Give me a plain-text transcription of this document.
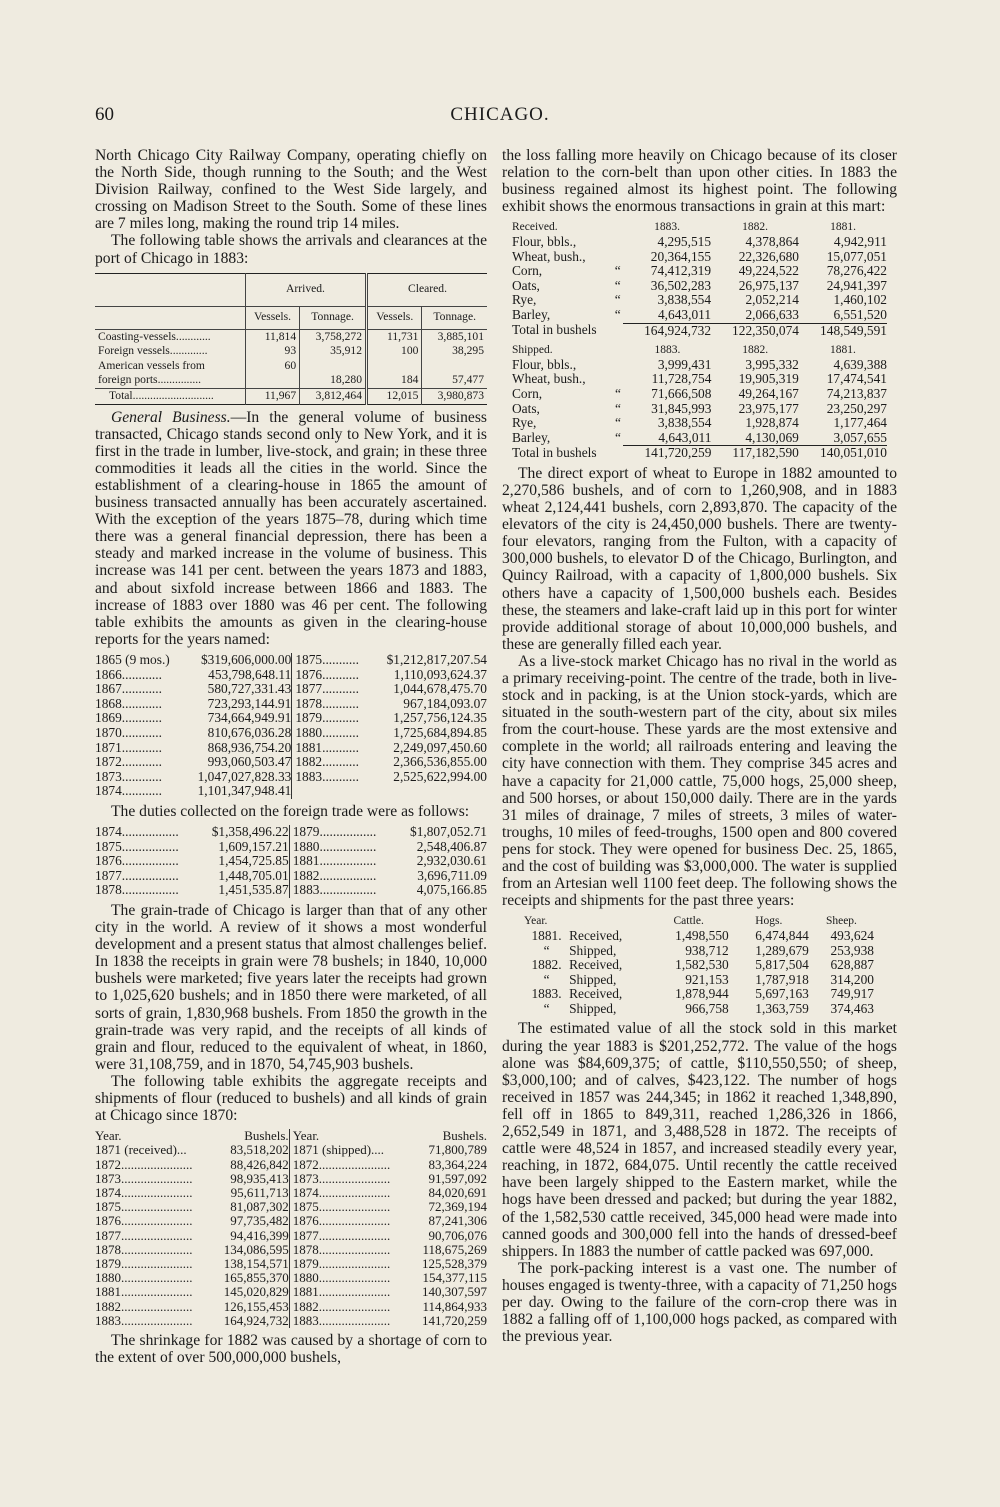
60	CHICAGO.

North Chicago City Railway Company, operating chiefly on the North Side, though running to the South; and the West Division Railway, confined to the West Side largely, and crossing on Madison Street to the South. Some of these lines are 7 miles long, making the round trip 14 miles.

The following table shows the arrivals and clearances at the port of Chicago in 1883:

	Arrived.		Cleared.	
	Vessels.	Tonnage.	Vessels.	Tonnage.
Coasting-vessels............	11,814	3,758,272	11,731	3,885,101
Foreign vessels.............	93	35,912	100	38,295
American vessels from	60			
foreign ports...............		18,280	184	57,477
Total............................	11,967	3,812,464	12,015	3,980,873

General Business.—In the general volume of business transacted, Chicago stands second only to New York, and it is first in the trade in lumber, live-stock, and grain; in these three commodities it leads all the cities in the world. Since the establishment of a clearing-house in 1865 the amount of business transacted annually has been accurately ascertained. With the exception of the years 1875–78, during which time there was a general financial depression, there has been a steady and marked increase in the volume of business. This increase was 141 per cent. between the years 1873 and 1883, and about sixfold increase between 1866 and 1883. The increase of 1883 over 1880 was 46 per cent. The following table exhibits the amounts as given in the clearing-house reports for the years named:

1865 (9 mos.)	$319,606,000.00	1875...........	$1,212,817,207.54
1866............	453,798,648.11	1876...........	1,110,093,624.37
1867............	580,727,331.43	1877...........	1,044,678,475.70
1868............	723,293,144.91	1878...........	967,184,093.07
1869............	734,664,949.91	1879...........	1,257,756,124.35
1870............	810,676,036.28	1880...........	1,725,684,894.85
1871............	868,936,754.20	1881...........	2,249,097,450.60
1872............	993,060,503.47	1882...........	2,366,536,855.00
1873............	1,047,027,828.33	1883...........	2,525,622,994.00
1874............	1,101,347,948.41		

The duties collected on the foreign trade were as follows:

1874.................	$1,358,496.22	1879.................	$1,807,052.71
1875.................	1,609,157.21	1880.................	2,548,406.87
1876.................	1,454,725.85	1881.................	2,932,030.61
1877.................	1,448,705.01	1882.................	3,696,711.09
1878.................	1,451,535.87	1883.................	4,075,166.85

The grain-trade of Chicago is larger than that of any other city in the world. A review of it shows a most wonderful development and a present status that almost challenges belief. In 1838 the receipts in grain were 78 bushels; in 1840, 10,000 bushels were marketed; five years later the receipts had grown to 1,025,620 bushels; and in 1850 there were marketed, of all sorts of grain, 1,830,968 bushels. From 1850 the growth in the grain-trade was very rapid, and the receipts of all kinds of grain and flour, reduced to the equivalent of wheat, in 1860, were 31,108,759, and in 1870, 54,745,903 bushels.

The following table exhibits the aggregate receipts and shipments of flour (reduced to bushels) and all kinds of grain at Chicago since 1870:

Year.	Bushels.	Year.	Bushels.
1871 (received)...	83,518,202	1871 (shipped)....	71,800,789
1872......................	88,426,842	1872......................	83,364,224
1873......................	98,935,413	1873......................	91,597,092
1874......................	95,611,713	1874......................	84,020,691
1875......................	81,087,302	1875......................	72,369,194
1876......................	97,735,482	1876......................	87,241,306
1877......................	94,416,399	1877......................	90,706,076
1878......................	134,086,595	1878......................	118,675,269
1879......................	138,154,571	1879......................	125,528,379
1880......................	165,855,370	1880......................	154,377,115
1881......................	145,020,829	1881......................	140,307,597
1882......................	126,155,453	1882......................	114,864,933
1883......................	164,924,732	1883......................	141,720,259

The shrinkage for 1882 was caused by a shortage of corn to the extent of over 500,000,000 bushels,

the loss falling more heavily on Chicago because of its closer relation to the corn-belt than upon other cities. In 1883 the business regained almost its highest point. The following exhibit shows the enormous transactions in grain at this mart:

Received.		1883.	1882.	1881.
Flour, bbls.,		4,295,515	4,378,864	4,942,911
Wheat, bush.,		20,364,155	22,326,680	15,077,051
Corn,	“	74,412,319	49,224,522	78,276,422
Oats,	“	36,502,283	26,975,137	24,941,397
Rye,	“	3,838,554	2,052,214	1,460,102
Barley,	“	4,643,011	2,066,633	6,551,520
Total in bushels		164,924,732	122,350,074	148,549,591
Shipped.		1883.	1882.	1881.
Flour, bbls.,		3,999,431	3,995,332	4,639,388
Wheat, bush.,		11,728,754	19,905,319	17,474,541
Corn,	“	71,666,508	49,264,167	74,213,837
Oats,	“	31,845,993	23,975,177	23,250,297
Rye,	“	3,838,554	1,928,874	1,177,464
Barley,	“	4,643,011	4,130,069	3,057,655
Total in bushels		141,720,259	117,182,590	140,051,010

The direct export of wheat to Europe in 1882 amounted to 2,270,586 bushels, and of corn to 1,260,908, and in 1883 wheat 2,124,441 bushels, corn 2,893,870. The capacity of the elevators of the city is 24,450,000 bushels. There are twenty-four elevators, ranging from the Fulton, with a capacity of 300,000 bushels, to elevator D of the Chicago, Burlington, and Quincy Railroad, with a capacity of 1,800,000 bushels. Six others have a capacity of 1,500,000 bushels each. Besides these, the steamers and lake-craft laid up in this port for winter provide additional storage of about 10,000,000 bushels, and these are generally filled each year.

As a live-stock market Chicago has no rival in the world as a primary receiving-point. The centre of the trade, both in live-stock and in packing, is at the Union stock-yards, which are situated in the south-western part of the city, about six miles from the court-house. These yards are the most extensive and complete in the world; all railroads entering and leaving the city have connection with them. They comprise 345 acres and have a capacity for 21,000 cattle, 75,000 hogs, 25,000 sheep, and 500 horses, or about 150,000 daily. There are in the yards 31 miles of drainage, 7 miles of streets, 3 miles of water-troughs, 10 miles of feed-troughs, 1500 open and 800 covered pens for stock. They were opened for business Dec. 25, 1865, and the cost of building was $3,000,000. The water is supplied from an Artesian well 1100 feet deep. The following shows the receipts and shipments for the past three years:

Year.		Cattle.	Hogs.	Sheep.
1881.	Received,	1,498,550	6,474,844	493,624
“	Shipped,	938,712	1,289,679	253,938
1882.	Received,	1,582,530	5,817,504	628,887
“	Shipped,	921,153	1,787,918	314,200
1883.	Received,	1,878,944	5,697,163	749,917
“	Shipped,	966,758	1,363,759	374,463

The estimated value of all the stock sold in this market during the year 1883 is $201,252,772. The value of the hogs alone was $84,609,375; of cattle, $110,550,550; of sheep, $3,000,100; and of calves, $423,122. The number of hogs received in 1857 was 244,345; in 1862 it reached 1,348,890, fell off in 1865 to 849,311, reached 1,286,326 in 1866, 2,652,549 in 1871, and 3,488,528 in 1872. The receipts of cattle were 48,524 in 1857, and increased steadily every year, reaching, in 1872, 684,075. Until recently the cattle received have been largely shipped to the Eastern market, while the hogs have been dressed and packed; but during the year 1882, of the 1,582,530 cattle received, 345,000 head were made into canned goods and 300,000 fell into the hands of dressed-beef shippers. In 1883 the number of cattle packed was 697,000.

The pork-packing interest is a vast one. The number of houses engaged is twenty-three, with a capacity of 71,250 hogs per day. Owing to the failure of the corn-crop there was in 1882 a falling off of 1,100,000 hogs packed, as compared with the previous year.
